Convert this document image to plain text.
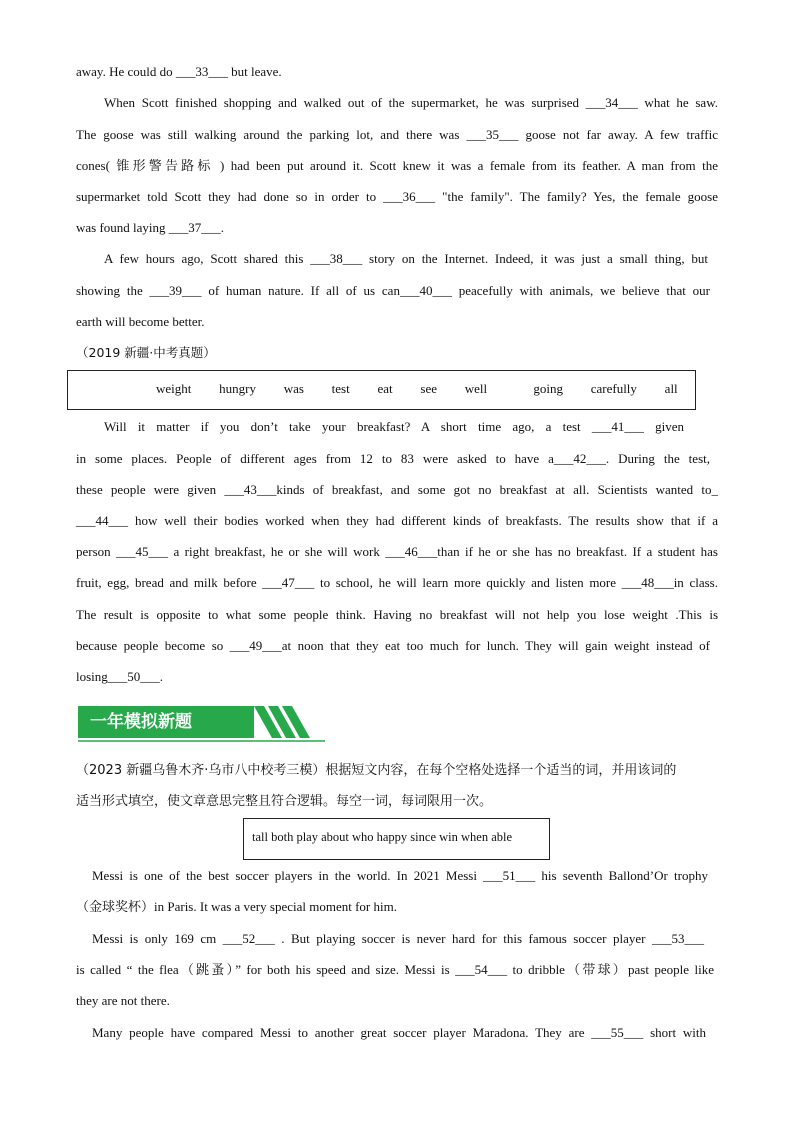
away. He could do ___33___ but leave.
When Scott finished shopping and walked out of the supermarket, he was surprised ___34___ what he saw.
The goose was still walking around the parking lot, and there was ___35___ goose not far away. A few traffic
cones( 锥形警告路标 ) had been put around it. Scott knew it was a female from its feather. A man from the
supermarket told Scott they had done so in order to ___36___ "the family". The family? Yes, the female goose
was found laying ___37___.
A few hours ago, Scott shared this ___38___ story on the Internet. Indeed, it was just a small thing, but
showing the ___39___ of human nature. If all of us can___40___ peacefully with animals, we believe that our
earth will become better.
（2019 新疆·中考真题）
weight   hungry   was   test   eat   see   well     going   carefully   all
Will it matter if you don’t take your breakfast? A short time ago, a test ___41___ given
in some places. People of different ages from 12 to 83 were asked to have a___42___. During the test,
these people were given ___43___kinds of breakfast, and some got no breakfast at all. Scientists wanted to_
___44___ how well their bodies worked when they had different kinds of breakfasts. The results show that if a
person ___45___ a right breakfast, he or she will work ___46___than if he or she has no breakfast. If a student has
fruit, egg, bread and milk before ___47___ to school, he will learn more quickly and listen more ___48___in class.
The result is opposite to what some people think. Having no breakfast will not help you lose weight .This is
because people become so ___49___at noon that they eat too much for lunch. They will gain weight instead of
losing___50___.
一年模拟新题
（2023 新疆乌鲁木齐·乌市八中校考三模）根据短文内容，在每个空格处选择一个适当的词，并用该词的
适当形式填空，使文章意思完整且符合逻辑。每空一词，每词限用一次。
tall both play about who happy since win when able
Messi is one of the best soccer players in the world. In 2021 Messi ___51___ his seventh Ballond’Or trophy
（金球奖杯）in Paris. It was a very special moment for him.
Messi is only 169 cm ___52___ . But playing soccer is never hard for this famous soccer player ___53___
is called “ the flea（跳蚤）” for both his speed and size. Messi is ___54___ to dribble（带球）past people like
they are not there.
Many people have compared Messi to another great soccer player Maradona. They are ___55___ short with
